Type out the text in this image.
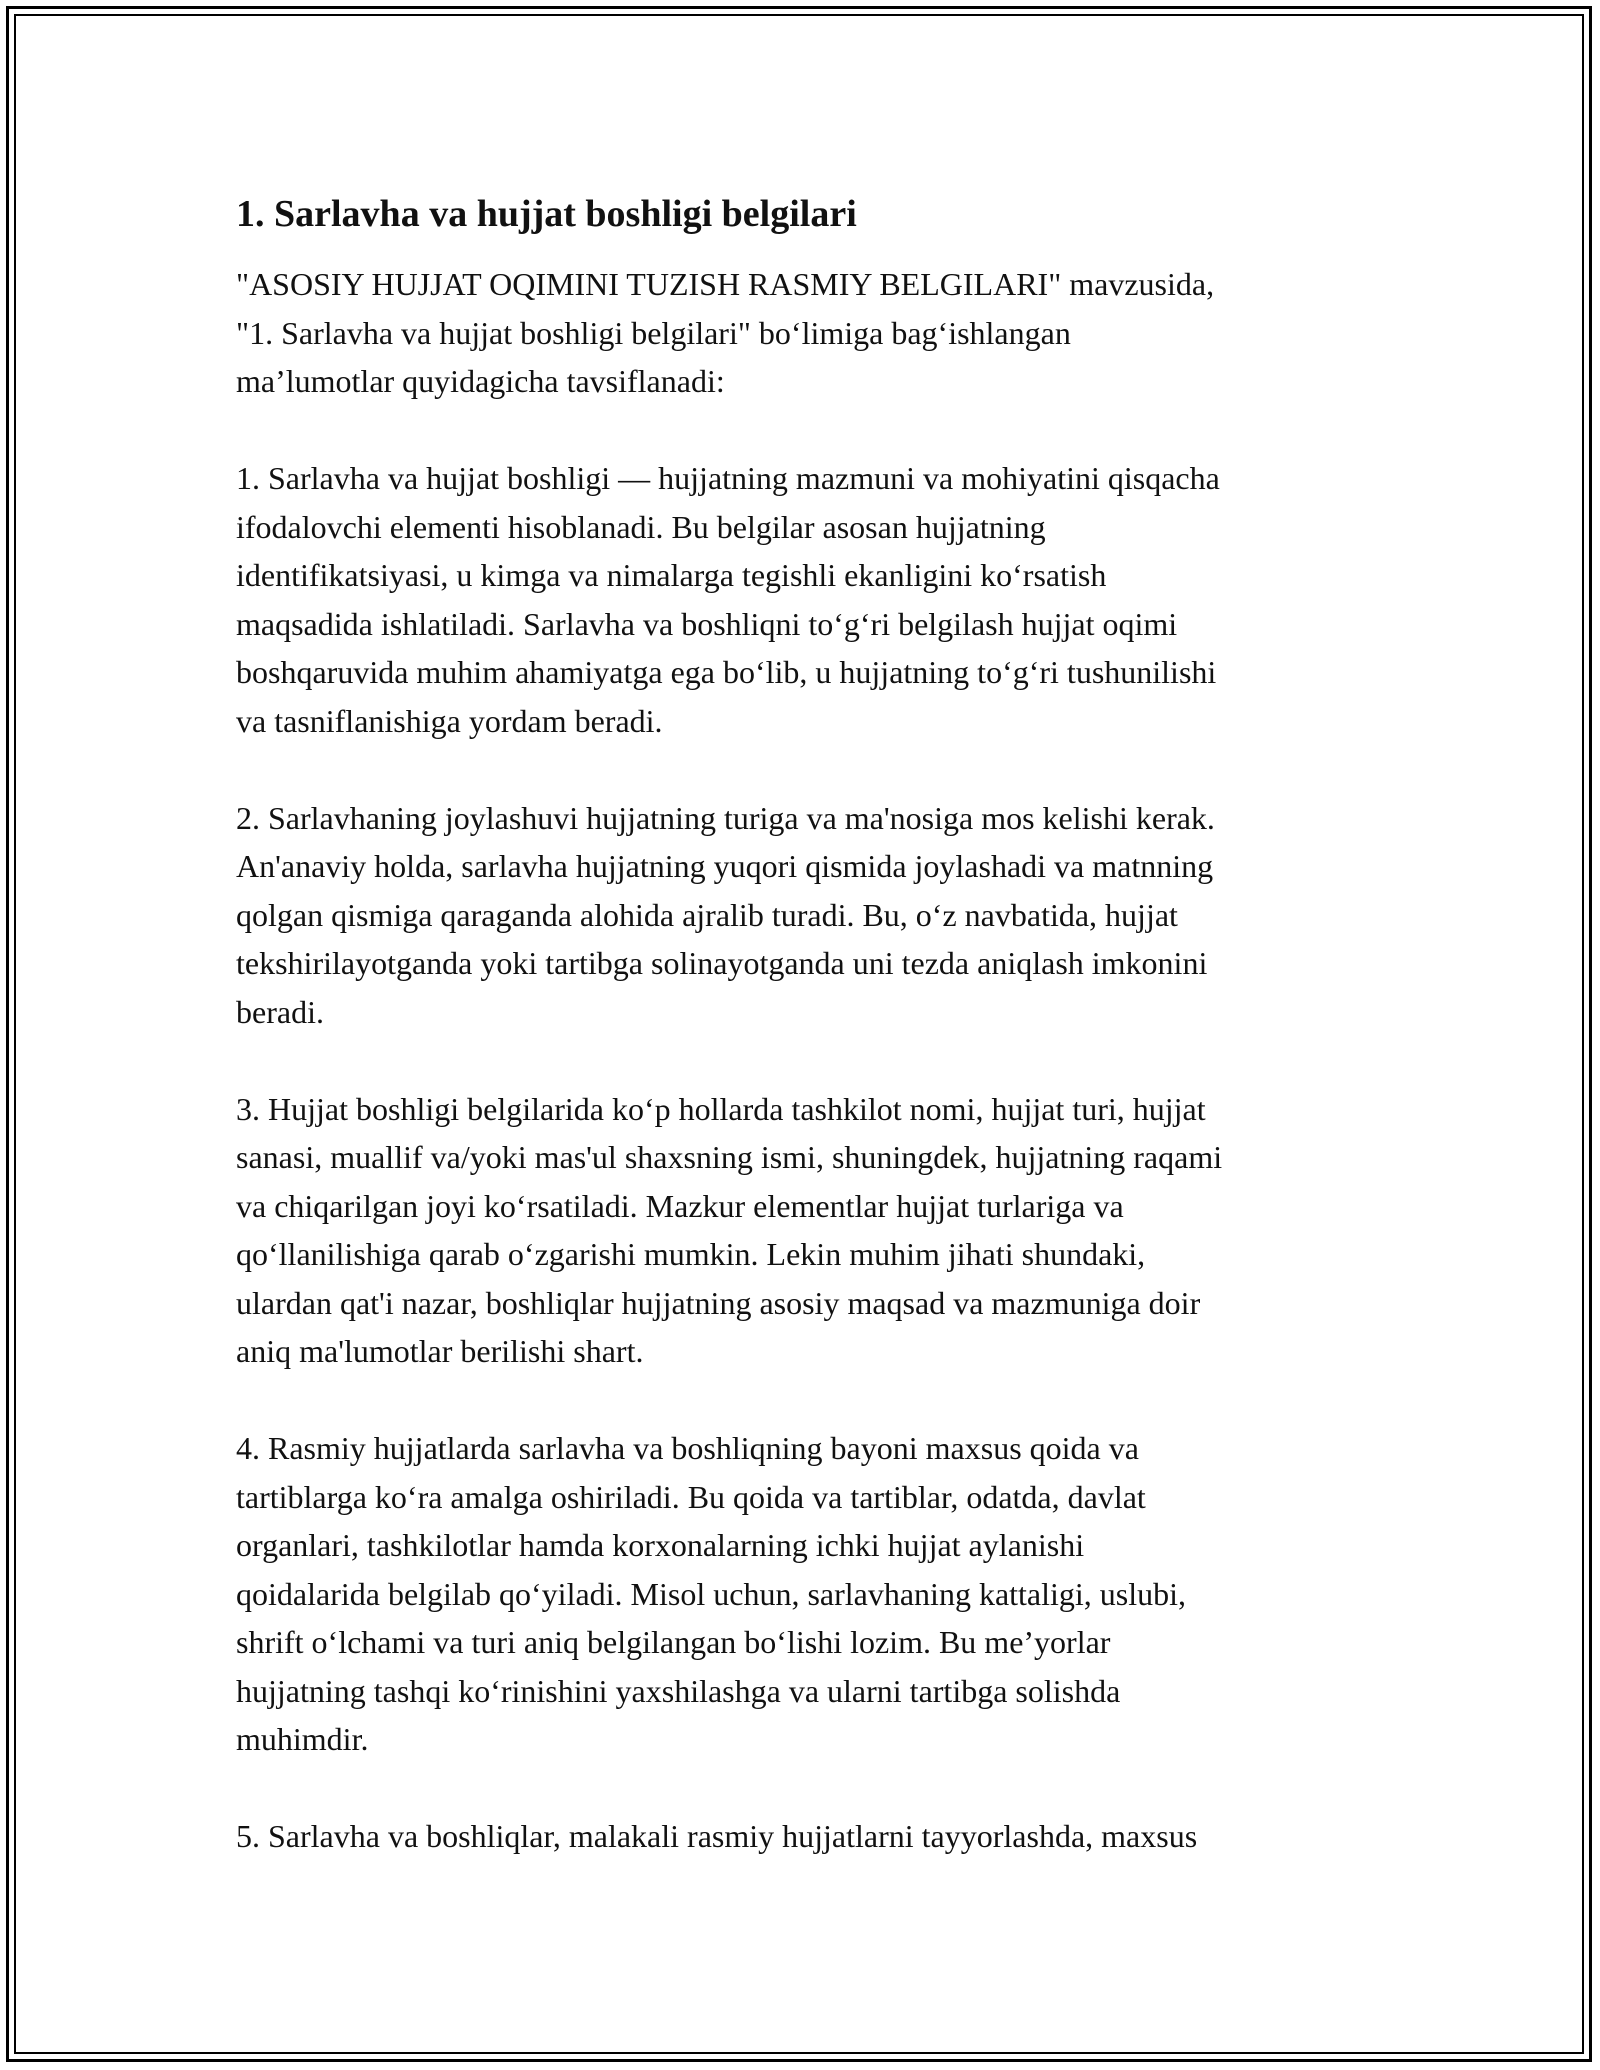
1. Sarlavha va hujjat boshligi belgilari
"ASOSIY HUJJAT OQIMINI TUZISH RASMIY BELGILARI" mavzusida,
"1. Sarlavha va hujjat boshligi belgilari" bo‘limiga bag‘ishlangan
ma’lumotlar quyidagicha tavsiflanadi:
1. Sarlavha va hujjat boshligi — hujjatning mazmuni va mohiyatini qisqacha
ifodalovchi elementi hisoblanadi. Bu belgilar asosan hujjatning
identifikatsiyasi, u kimga va nimalarga tegishli ekanligini ko‘rsatish
maqsadida ishlatiladi. Sarlavha va boshliqni to‘g‘ri belgilash hujjat oqimi
boshqaruvida muhim ahamiyatga ega bo‘lib, u hujjatning to‘g‘ri tushunilishi
va tasniflanishiga yordam beradi.
2. Sarlavhaning joylashuvi hujjatning turiga va ma'nosiga mos kelishi kerak.
An'anaviy holda, sarlavha hujjatning yuqori qismida joylashadi va matnning
qolgan qismiga qaraganda alohida ajralib turadi. Bu, o‘z navbatida, hujjat
tekshirilayotganda yoki tartibga solinayotganda uni tezda aniqlash imkonini
beradi.
3. Hujjat boshligi belgilarida ko‘p hollarda tashkilot nomi, hujjat turi, hujjat
sanasi, muallif va/yoki mas'ul shaxsning ismi, shuningdek, hujjatning raqami
va chiqarilgan joyi ko‘rsatiladi. Mazkur elementlar hujjat turlariga va
qo‘llanilishiga qarab o‘zgarishi mumkin. Lekin muhim jihati shundaki,
ulardan qat'i nazar, boshliqlar hujjatning asosiy maqsad va mazmuniga doir
aniq ma'lumotlar berilishi shart.
4. Rasmiy hujjatlarda sarlavha va boshliqning bayoni maxsus qoida va
tartiblarga ko‘ra amalga oshiriladi. Bu qoida va tartiblar, odatda, davlat
organlari, tashkilotlar hamda korxonalarning ichki hujjat aylanishi
qoidalarida belgilab qo‘yiladi. Misol uchun, sarlavhaning kattaligi, uslubi,
shrift o‘lchami va turi aniq belgilangan bo‘lishi lozim. Bu me’yorlar
hujjatning tashqi ko‘rinishini yaxshilashga va ularni tartibga solishda
muhimdir.
5. Sarlavha va boshliqlar, malakali rasmiy hujjatlarni tayyorlashda, maxsus
